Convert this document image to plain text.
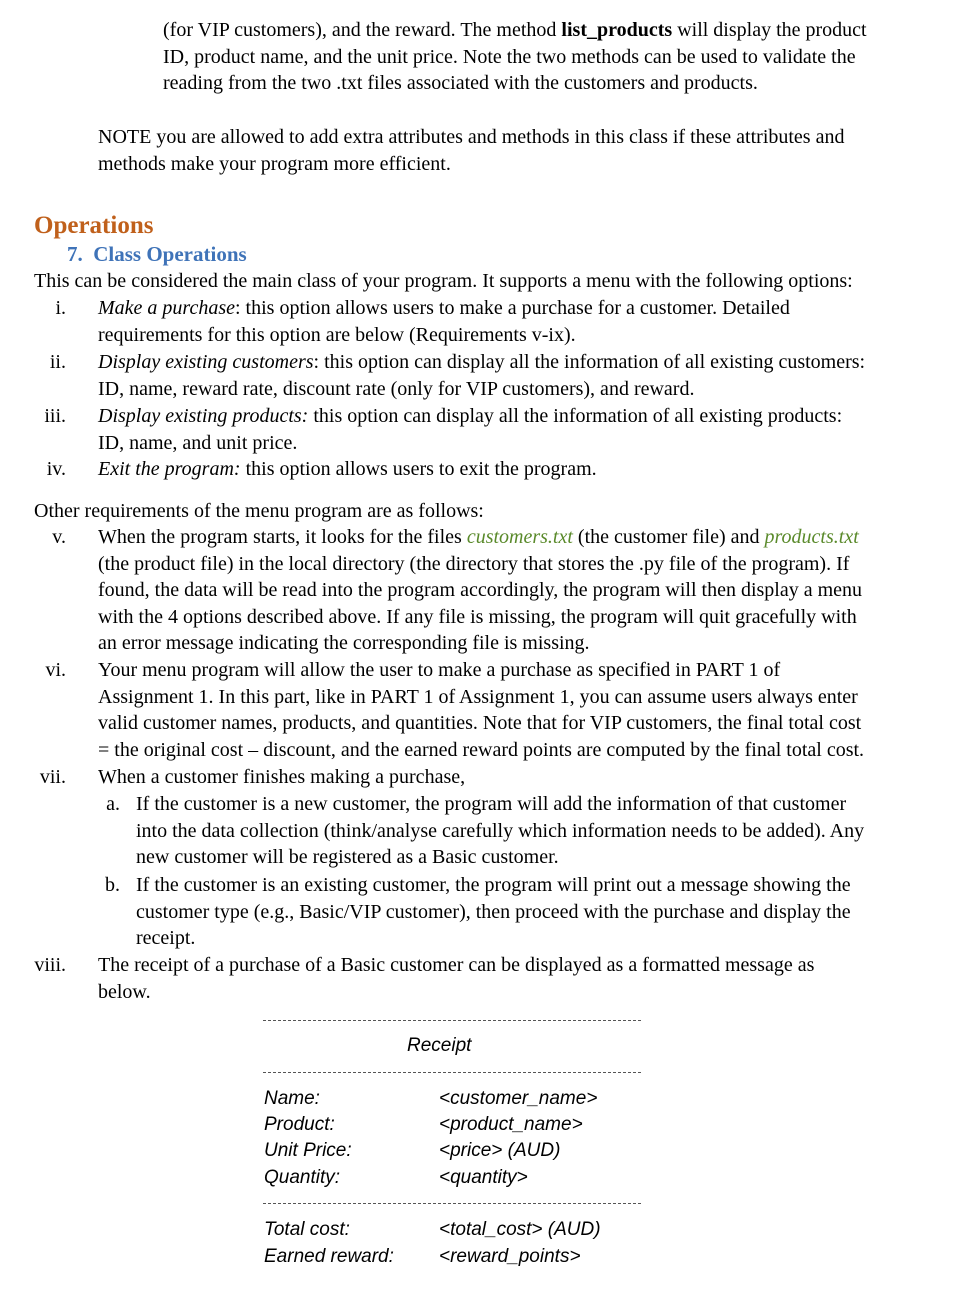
(for VIP customers), and the reward. The method list_products will display the product
ID, product name, and the unit price. Note the two methods can be used to validate the
reading from the two .txt files associated with the customers and products.
NOTE you are allowed to add extra attributes and methods in this class if these attributes and
methods make your program more efficient.
Operations
7.  Class Operations
This can be considered the main class of your program. It supports a menu with the following options:
i. Make a purchase: this option allows users to make a purchase for a customer. Detailed
requirements for this option are below (Requirements v-ix).
ii. Display existing customers: this option can display all the information of all existing customers:
ID, name, reward rate, discount rate (only for VIP customers), and reward.
iii. Display existing products: this option can display all the information of all existing products:
ID, name, and unit price.
iv. Exit the program: this option allows users to exit the program.
Other requirements of the menu program are as follows:
v. When the program starts, it looks for the files customers.txt (the customer file) and products.txt
(the product file) in the local directory (the directory that stores the .py file of the program). If
found, the data will be read into the program accordingly, the program will then display a menu
with the 4 options described above. If any file is missing, the program will quit gracefully with
an error message indicating the corresponding file is missing.
vi. Your menu program will allow the user to make a purchase as specified in PART 1 of
Assignment 1. In this part, like in PART 1 of Assignment 1, you can assume users always enter
valid customer names, products, and quantities. Note that for VIP customers, the final total cost
= the original cost – discount, and the earned reward points are computed by the final total cost.
vii. When a customer finishes making a purchase,
a. If the customer is a new customer, the program will add the information of that customer
into the data collection (think/analyse carefully which information needs to be added). Any
new customer will be registered as a Basic customer.
b. If the customer is an existing customer, the program will print out a message showing the
customer type (e.g., Basic/VIP customer), then proceed with the purchase and display the
receipt.
viii. The receipt of a purchase of a Basic customer can be displayed as a formatted message as
below.
Receipt
Name:	<customer_name>
Product:	<product_name>
Unit Price:	<price> (AUD)
Quantity:	<quantity>
Total cost:	<total_cost> (AUD)
Earned reward: <reward_points>
